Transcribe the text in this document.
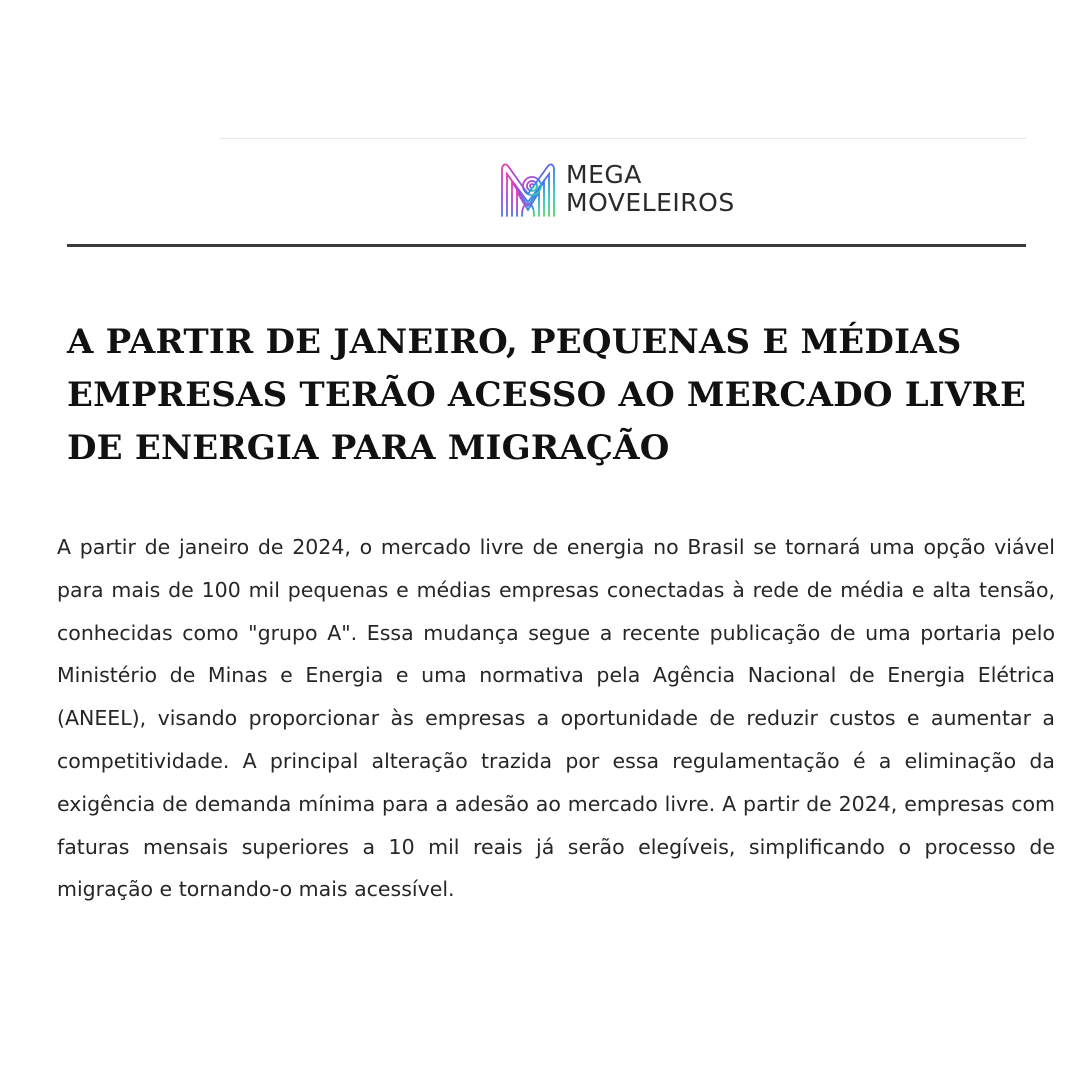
MEGA
MOVELEIROS
A PARTIR DE JANEIRO, PEQUENAS E MÉDIAS EMPRESAS TERÃO ACESSO AO MERCADO LIVRE DE ENERGIA PARA MIGRAÇÃO

A partir de janeiro de 2024, o mercado livre de energia no Brasil se tornará uma opção viável para mais de 100 mil pequenas e médias empresas conectadas à rede de média e alta tensão, conhecidas como "grupo A". Essa mudança segue a recente publicação de uma portaria pelo Ministério de Minas e Energia e uma normativa pela Agência Nacional de Energia Elétrica (ANEEL), visando proporcionar às empresas a oportunidade de reduzir custos e aumentar a competitividade. A principal alteração trazida por essa regulamentação é a eliminação da exigência de demanda mínima para a adesão ao mercado livre. A partir de 2024, empresas com faturas mensais superiores a 10 mil reais já serão elegíveis, simplificando o processo de migração e tornando-o mais acessível.
